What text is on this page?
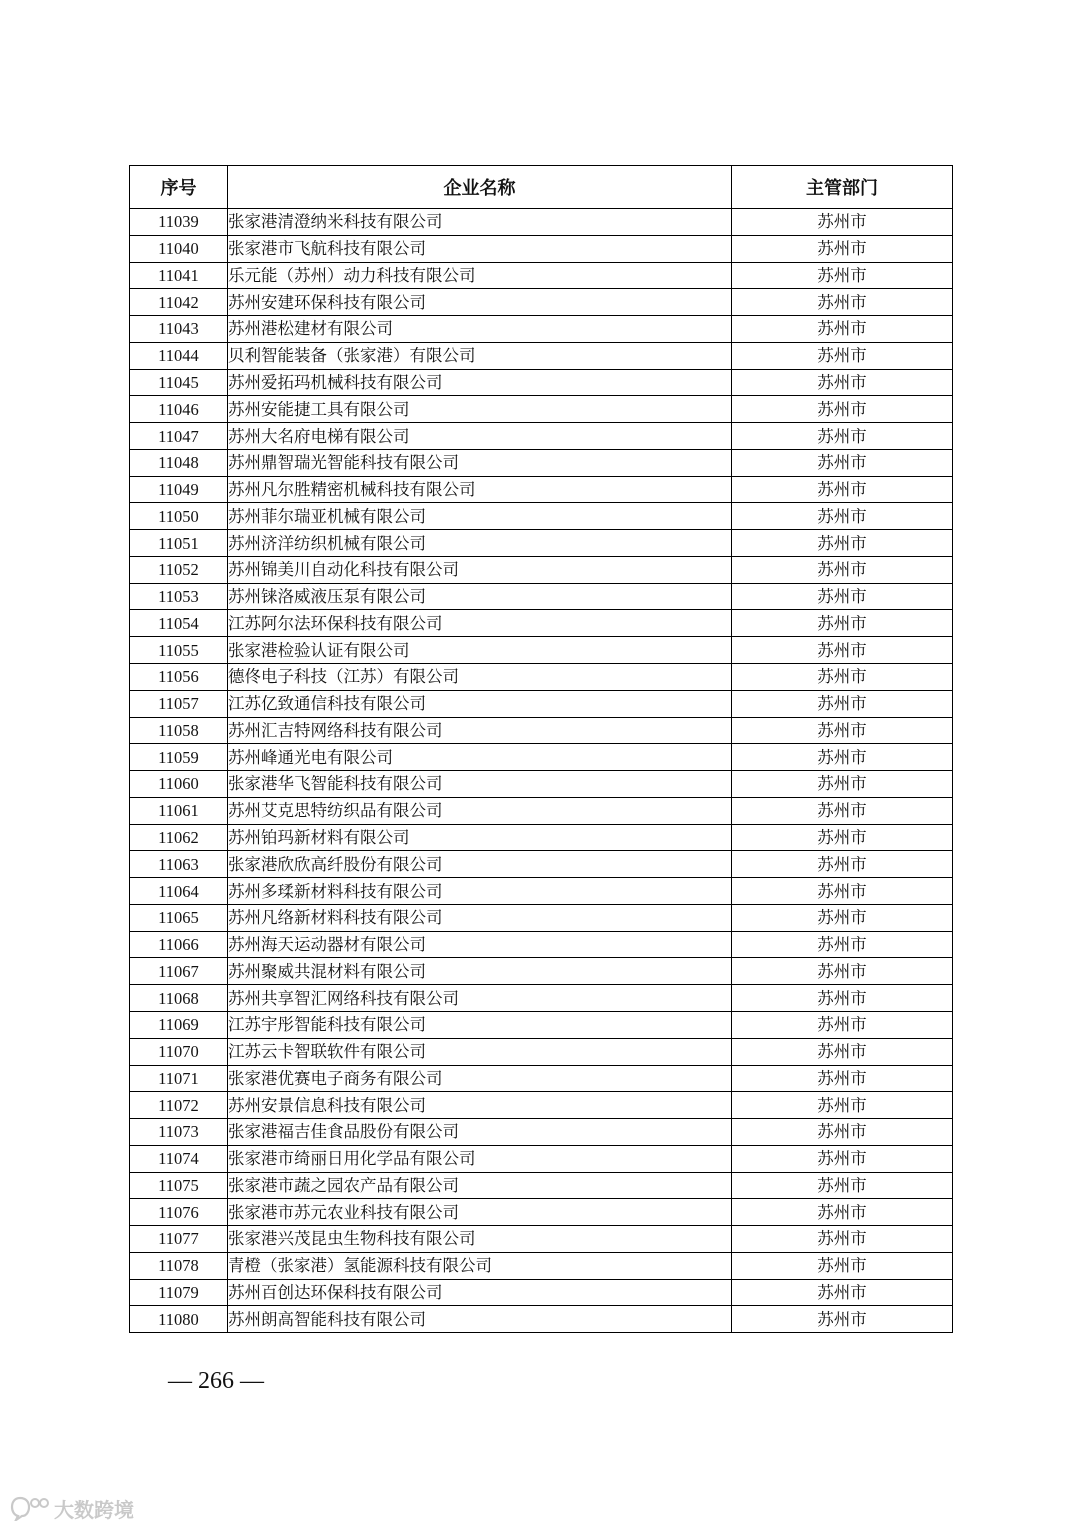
序号	企业名称	主管部门
11039	张家港清澄纳米科技有限公司	苏州市
11040	张家港市飞航科技有限公司	苏州市
11041	乐元能（苏州）动力科技有限公司	苏州市
11042	苏州安建环保科技有限公司	苏州市
11043	苏州港松建材有限公司	苏州市
11044	贝利智能装备（张家港）有限公司	苏州市
11045	苏州爱拓玛机械科技有限公司	苏州市
11046	苏州安能捷工具有限公司	苏州市
11047	苏州大名府电梯有限公司	苏州市
11048	苏州鼎智瑞光智能科技有限公司	苏州市
11049	苏州凡尔胜精密机械科技有限公司	苏州市
11050	苏州菲尔瑞亚机械有限公司	苏州市
11051	苏州济洋纺织机械有限公司	苏州市
11052	苏州锦美川自动化科技有限公司	苏州市
11053	苏州铼洛威液压泵有限公司	苏州市
11054	江苏阿尔法环保科技有限公司	苏州市
11055	张家港检验认证有限公司	苏州市
11056	德佟电子科技（江苏）有限公司	苏州市
11057	江苏亿致通信科技有限公司	苏州市
11058	苏州汇吉特网络科技有限公司	苏州市
11059	苏州峰通光电有限公司	苏州市
11060	张家港华飞智能科技有限公司	苏州市
11061	苏州艾克思特纺织品有限公司	苏州市
11062	苏州铂玛新材料有限公司	苏州市
11063	张家港欣欣高纤股份有限公司	苏州市
11064	苏州多瑈新材料科技有限公司	苏州市
11065	苏州凡络新材料科技有限公司	苏州市
11066	苏州海天运动器材有限公司	苏州市
11067	苏州聚威共混材料有限公司	苏州市
11068	苏州共享智汇网络科技有限公司	苏州市
11069	江苏宇彤智能科技有限公司	苏州市
11070	江苏云卡智联软件有限公司	苏州市
11071	张家港优赛电子商务有限公司	苏州市
11072	苏州安景信息科技有限公司	苏州市
11073	张家港福吉佳食品股份有限公司	苏州市
11074	张家港市绮丽日用化学品有限公司	苏州市
11075	张家港市蔬之园农产品有限公司	苏州市
11076	张家港市苏元农业科技有限公司	苏州市
11077	张家港兴茂昆虫生物科技有限公司	苏州市
11078	青橙（张家港）氢能源科技有限公司	苏州市
11079	苏州百创达环保科技有限公司	苏州市
11080	苏州朗高智能科技有限公司	苏州市
— 266 —
大数跨境
